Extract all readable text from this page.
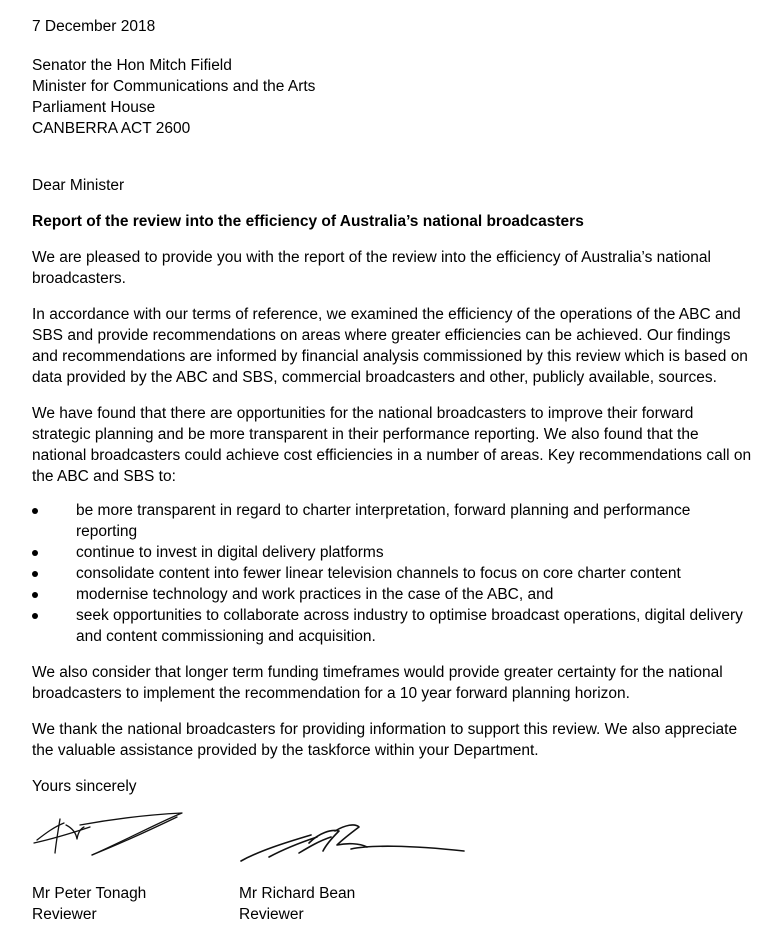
7 December 2018

Senator the Hon Mitch Fifield

Minister for Communications and the Arts

Parliament House

CANBERRA ACT 2600

Dear Minister

Report of the review into the efficiency of Australia’s national broadcasters

We are pleased to provide you with the report of the review into the efficiency of Australia’s national broadcasters.

In accordance with our terms of reference, we examined the efficiency of the operations of the ABC and SBS and provide recommendations on areas where greater efficiencies can be achieved. Our findings and recommendations are informed by financial analysis commissioned by this review which is based on data provided by the ABC and SBS, commercial broadcasters and other, publicly available, sources.

We have found that there are opportunities for the national broadcasters to improve their forward strategic planning and be more transparent in their performance reporting. We also found that the national broadcasters could achieve cost efficiencies in a number of areas. Key recommendations call on the ABC and SBS to:

be more transparent in regard to charter interpretation, forward planning and performance reporting
continue to invest in digital delivery platforms
consolidate content into fewer linear television channels to focus on core charter content
modernise technology and work practices in the case of the ABC, and
seek opportunities to collaborate across industry to optimise broadcast operations, digital delivery and content commissioning and acquisition.

We also consider that longer term funding timeframes would provide greater certainty for the national broadcasters to implement the recommendation for a 10 year forward planning horizon.

We thank the national broadcasters for providing information to support this review. We also appreciate the valuable assistance provided by the taskforce within your Department.

Yours sincerely

Mr Peter Tonagh

Reviewer

Mr Richard Bean

Reviewer
